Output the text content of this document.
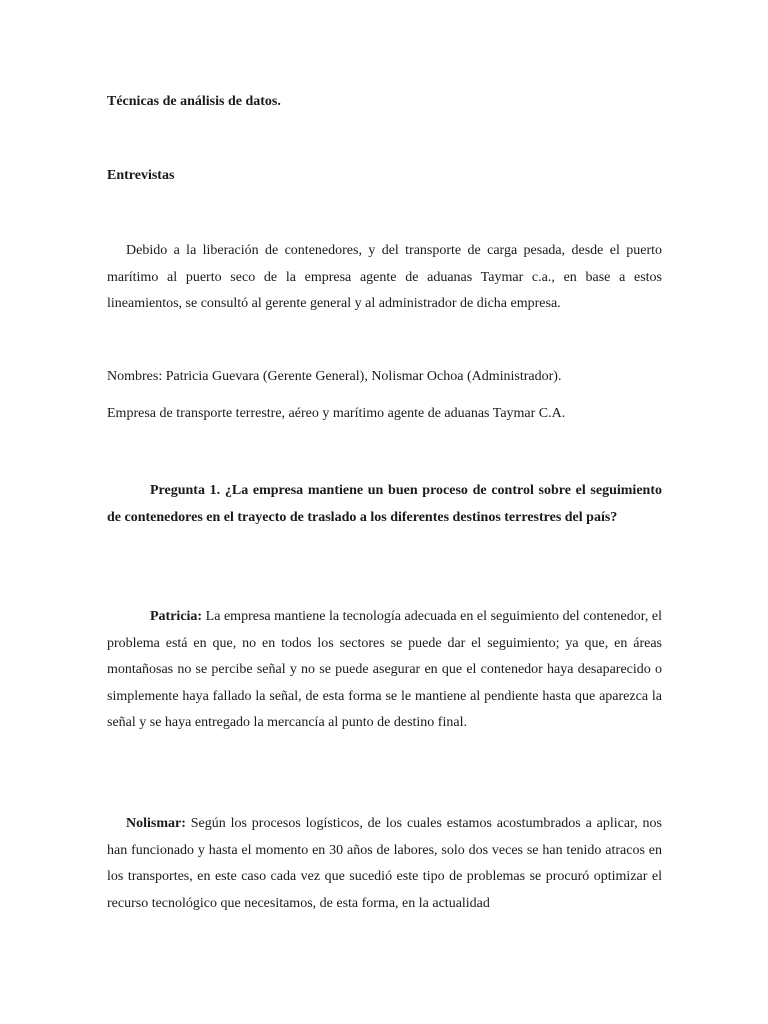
Técnicas de análisis de datos.
Entrevistas

Debido a la liberación de contenedores, y del transporte de carga pesada, desde el puerto marítimo al puerto seco de la empresa agente de aduanas Taymar c.a., en base a estos lineamientos, se consultó al gerente general y al administrador de dicha empresa.

Nombres: Patricia Guevara (Gerente General), Nolismar Ochoa (Administrador).
Empresa de transporte terrestre, aéreo y marítimo agente de aduanas Taymar C.A.

Pregunta 1. ¿La empresa mantiene un buen proceso de control sobre el seguimiento de contenedores en el trayecto de traslado a los diferentes destinos terrestres del país?

Patricia: La empresa mantiene la tecnología adecuada en el seguimiento del contenedor, el problema está en que, no en todos los sectores se puede dar el seguimiento; ya que, en áreas montañosas no se percibe señal y no se puede asegurar en que el contenedor haya desaparecido o simplemente haya fallado la señal, de esta forma se le mantiene al pendiente hasta que aparezca la señal y se haya entregado la mercancía al punto de destino final.

Nolismar: Según los procesos logísticos, de los cuales estamos acostumbrados a aplicar, nos han funcionado y hasta el momento en 30 años de labores, solo dos veces se han tenido atracos en los transportes, en este caso cada vez que sucedió este tipo de problemas se procuró optimizar el recurso tecnológico que necesitamos, de esta forma, en la actualidad
